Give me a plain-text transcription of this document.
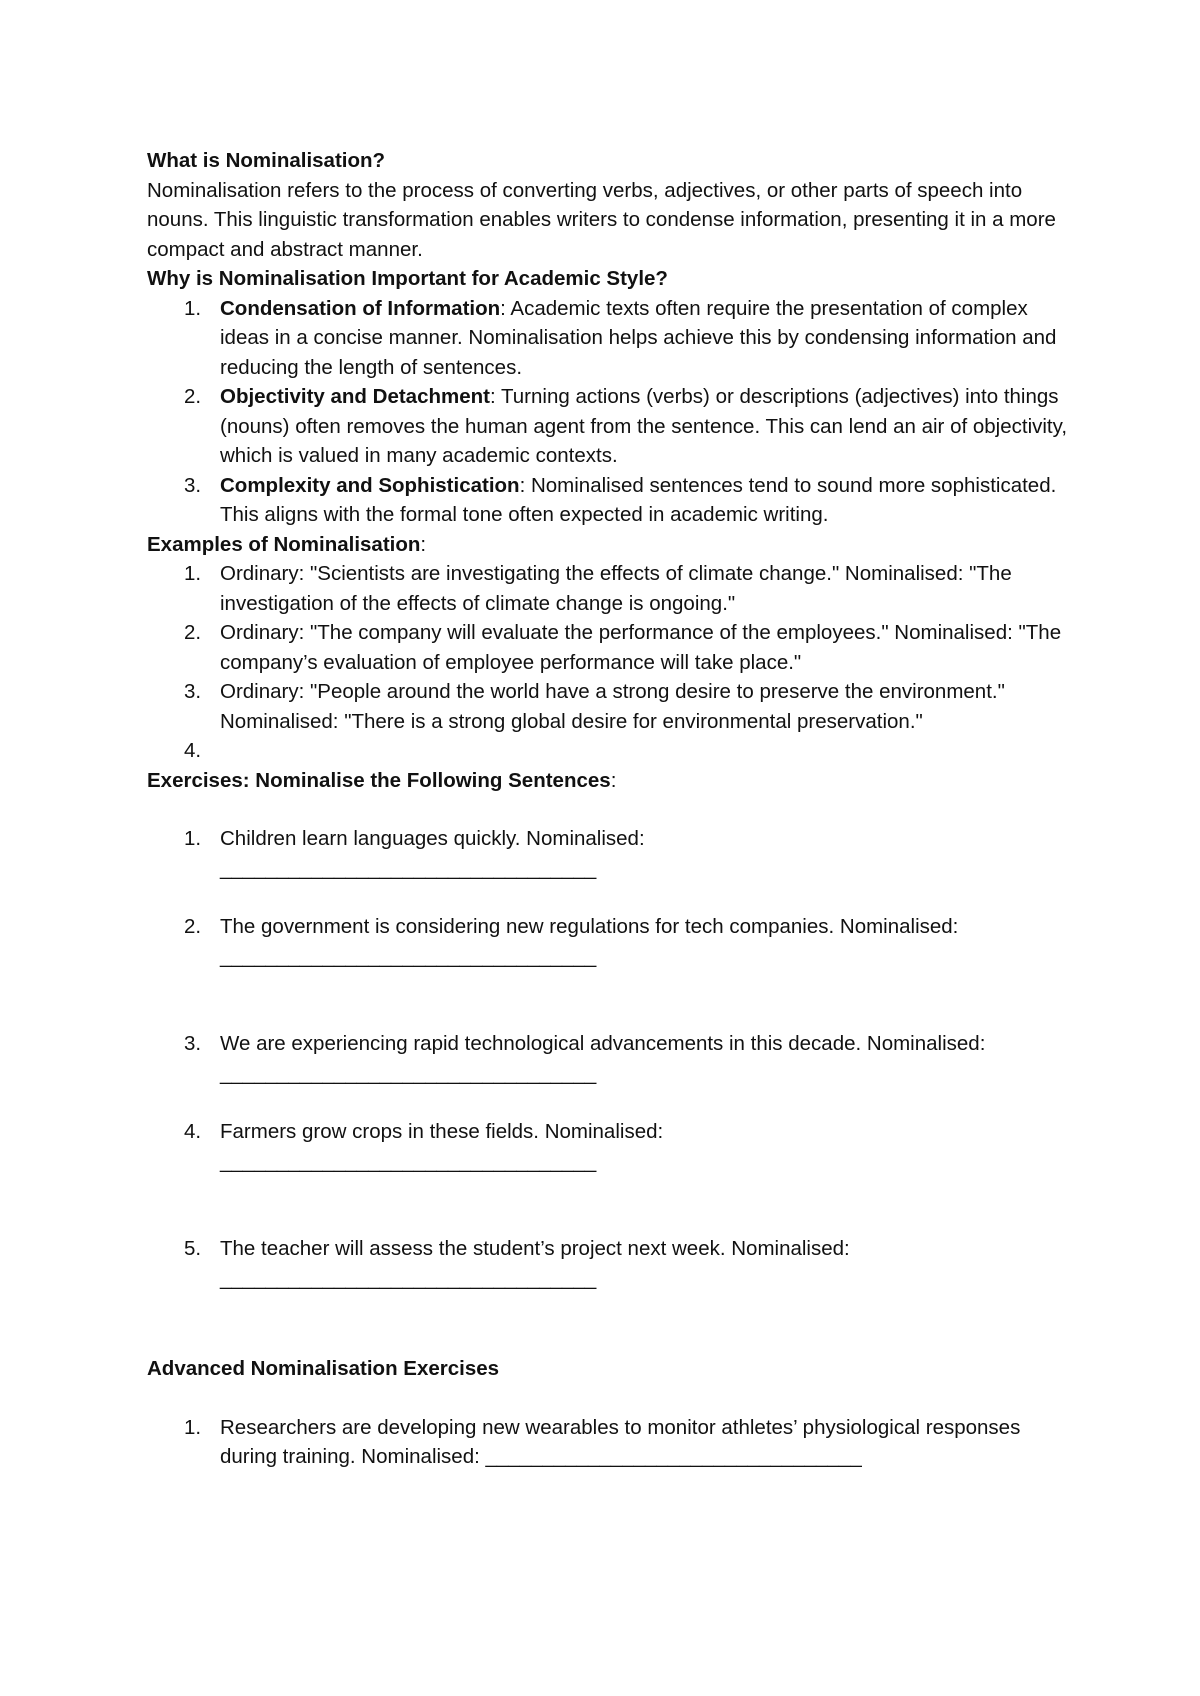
What is Nominalisation?

Nominalisation refers to the process of converting verbs, adjectives, or other parts of speech into nouns. This linguistic transformation enables writers to condense information, presenting it in a more compact and abstract manner.

Why is Nominalisation Important for Academic Style?

1. Condensation of Information: Academic texts often require the presentation of complex ideas in a concise manner. Nominalisation helps achieve this by condensing information and reducing the length of sentences.
2. Objectivity and Detachment: Turning actions (verbs) or descriptions (adjectives) into things (nouns) often removes the human agent from the sentence. This can lend an air of objectivity, which is valued in many academic contexts.
3. Complexity and Sophistication: Nominalised sentences tend to sound more sophisticated. This aligns with the formal tone often expected in academic writing.

Examples of Nominalisation:

1. Ordinary: "Scientists are investigating the effects of climate change." Nominalised: "The investigation of the effects of climate change is ongoing."
2. Ordinary: "The company will evaluate the performance of the employees." Nominalised: "The company’s evaluation of employee performance will take place."
3. Ordinary: "People around the world have a strong desire to preserve the environment." Nominalised: "There is a strong global desire for environmental preservation."
4.

Exercises: Nominalise the Following Sentences:

1. Children learn languages quickly. Nominalised:
_________________________________
2. The government is considering new regulations for tech companies. Nominalised:
_________________________________
3. We are experiencing rapid technological advancements in this decade. Nominalised:
_________________________________
4. Farmers grow crops in these fields. Nominalised:
_________________________________
5. The teacher will assess the student’s project next week. Nominalised:
_________________________________

Advanced Nominalisation Exercises

1. Researchers are developing new wearables to monitor athletes’ physiological responses during training. Nominalised: _________________________________
